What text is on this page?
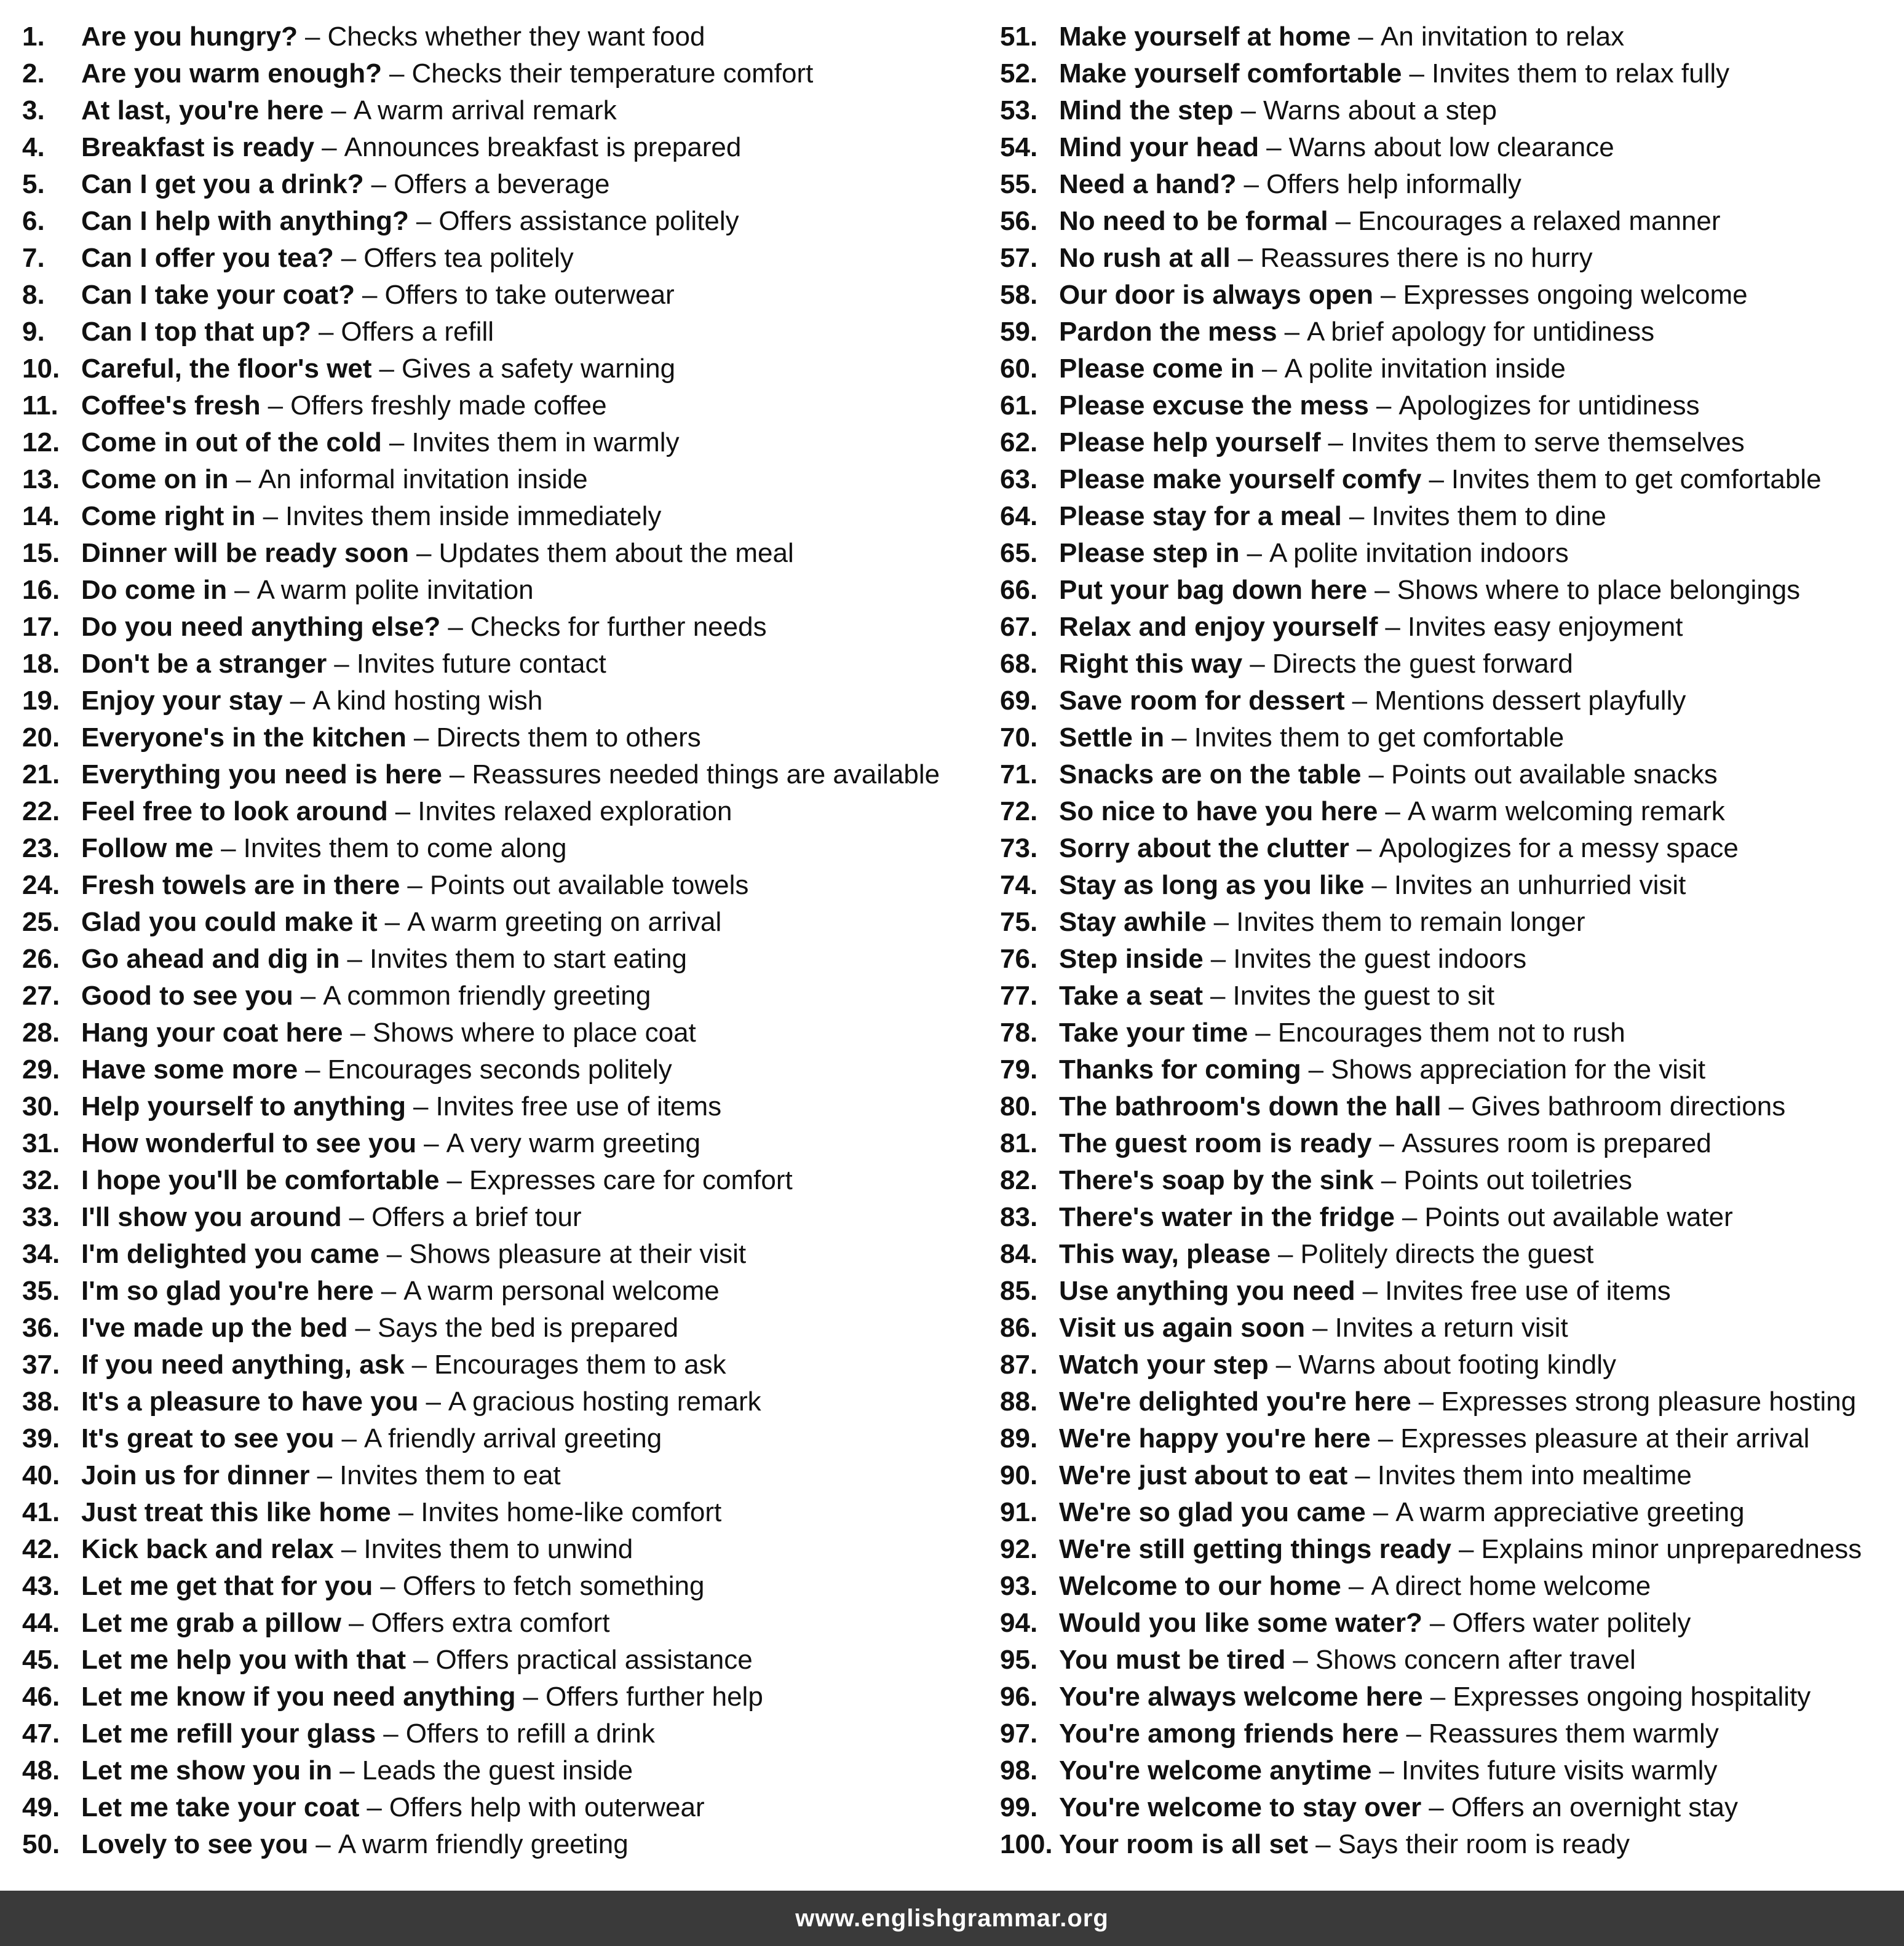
1.	Are you hungry? – Checks whether they want food
2.	Are you warm enough? – Checks their temperature comfort
3.	At last, you're here – A warm arrival remark
4.	Breakfast is ready – Announces breakfast is prepared
5.	Can I get you a drink? – Offers a beverage
6.	Can I help with anything? – Offers assistance politely
7.	Can I offer you tea? – Offers tea politely
8.	Can I take your coat? – Offers to take outerwear
9.	Can I top that up? – Offers a refill
10. Careful, the floor's wet – Gives a safety warning
11. Coffee's fresh – Offers freshly made coffee
12. Come in out of the cold – Invites them in warmly
13. Come on in – An informal invitation inside
14. Come right in – Invites them inside immediately
15. Dinner will be ready soon – Updates them about the meal
16. Do come in – A warm polite invitation
17. Do you need anything else? – Checks for further needs
18. Don't be a stranger – Invites future contact
19. Enjoy your stay – A kind hosting wish
20. Everyone's in the kitchen – Directs them to others
21. Everything you need is here – Reassures needed things are available
22. Feel free to look around – Invites relaxed exploration
23. Follow me – Invites them to come along
24. Fresh towels are in there – Points out available towels
25. Glad you could make it – A warm greeting on arrival
26. Go ahead and dig in – Invites them to start eating
27. Good to see you – A common friendly greeting
28. Hang your coat here – Shows where to place coat
29. Have some more – Encourages seconds politely
30. Help yourself to anything – Invites free use of items
31. How wonderful to see you – A very warm greeting
32. I hope you'll be comfortable – Expresses care for comfort
33. I'll show you around – Offers a brief tour
34. I'm delighted you came – Shows pleasure at their visit
35. I'm so glad you're here – A warm personal welcome
36. I've made up the bed – Says the bed is prepared
37. If you need anything, ask – Encourages them to ask
38. It's a pleasure to have you – A gracious hosting remark
39. It's great to see you – A friendly arrival greeting
40. Join us for dinner – Invites them to eat
41. Just treat this like home – Invites home-like comfort
42. Kick back and relax – Invites them to unwind
43. Let me get that for you – Offers to fetch something
44. Let me grab a pillow – Offers extra comfort
45. Let me help you with that – Offers practical assistance
46. Let me know if you need anything – Offers further help
47. Let me refill your glass – Offers to refill a drink
48. Let me show you in – Leads the guest inside
49. Let me take your coat – Offers help with outerwear
50. Lovely to see you – A warm friendly greeting
51. Make yourself at home – An invitation to relax
52. Make yourself comfortable – Invites them to relax fully
53. Mind the step – Warns about a step
54. Mind your head – Warns about low clearance
55. Need a hand? – Offers help informally
56. No need to be formal – Encourages a relaxed manner
57. No rush at all – Reassures there is no hurry
58. Our door is always open – Expresses ongoing welcome
59. Pardon the mess – A brief apology for untidiness
60. Please come in – A polite invitation inside
61. Please excuse the mess – Apologizes for untidiness
62. Please help yourself – Invites them to serve themselves
63. Please make yourself comfy – Invites them to get comfortable
64. Please stay for a meal – Invites them to dine
65. Please step in – A polite invitation indoors
66. Put your bag down here – Shows where to place belongings
67. Relax and enjoy yourself – Invites easy enjoyment
68. Right this way – Directs the guest forward
69. Save room for dessert – Mentions dessert playfully
70. Settle in – Invites them to get comfortable
71. Snacks are on the table – Points out available snacks
72. So nice to have you here – A warm welcoming remark
73. Sorry about the clutter – Apologizes for a messy space
74. Stay as long as you like – Invites an unhurried visit
75. Stay awhile – Invites them to remain longer
76. Step inside – Invites the guest indoors
77. Take a seat – Invites the guest to sit
78. Take your time – Encourages them not to rush
79. Thanks for coming – Shows appreciation for the visit
80. The bathroom's down the hall – Gives bathroom directions
81. The guest room is ready – Assures room is prepared
82. There's soap by the sink – Points out toiletries
83. There's water in the fridge – Points out available water
84. This way, please – Politely directs the guest
85. Use anything you need – Invites free use of items
86. Visit us again soon – Invites a return visit
87. Watch your step – Warns about footing kindly
88. We're delighted you're here – Expresses strong pleasure hosting
89. We're happy you're here – Expresses pleasure at their arrival
90. We're just about to eat – Invites them into mealtime
91. We're so glad you came – A warm appreciative greeting
92. We're still getting things ready – Explains minor unpreparedness
93. Welcome to our home – A direct home welcome
94. Would you like some water? – Offers water politely
95. You must be tired – Shows concern after travel
96. You're always welcome here – Expresses ongoing hospitality
97. You're among friends here – Reassures them warmly
98. You're welcome anytime – Invites future visits warmly
99. You're welcome to stay over – Offers an overnight stay
100. Your room is all set – Says their room is ready
www.englishgrammar.org
